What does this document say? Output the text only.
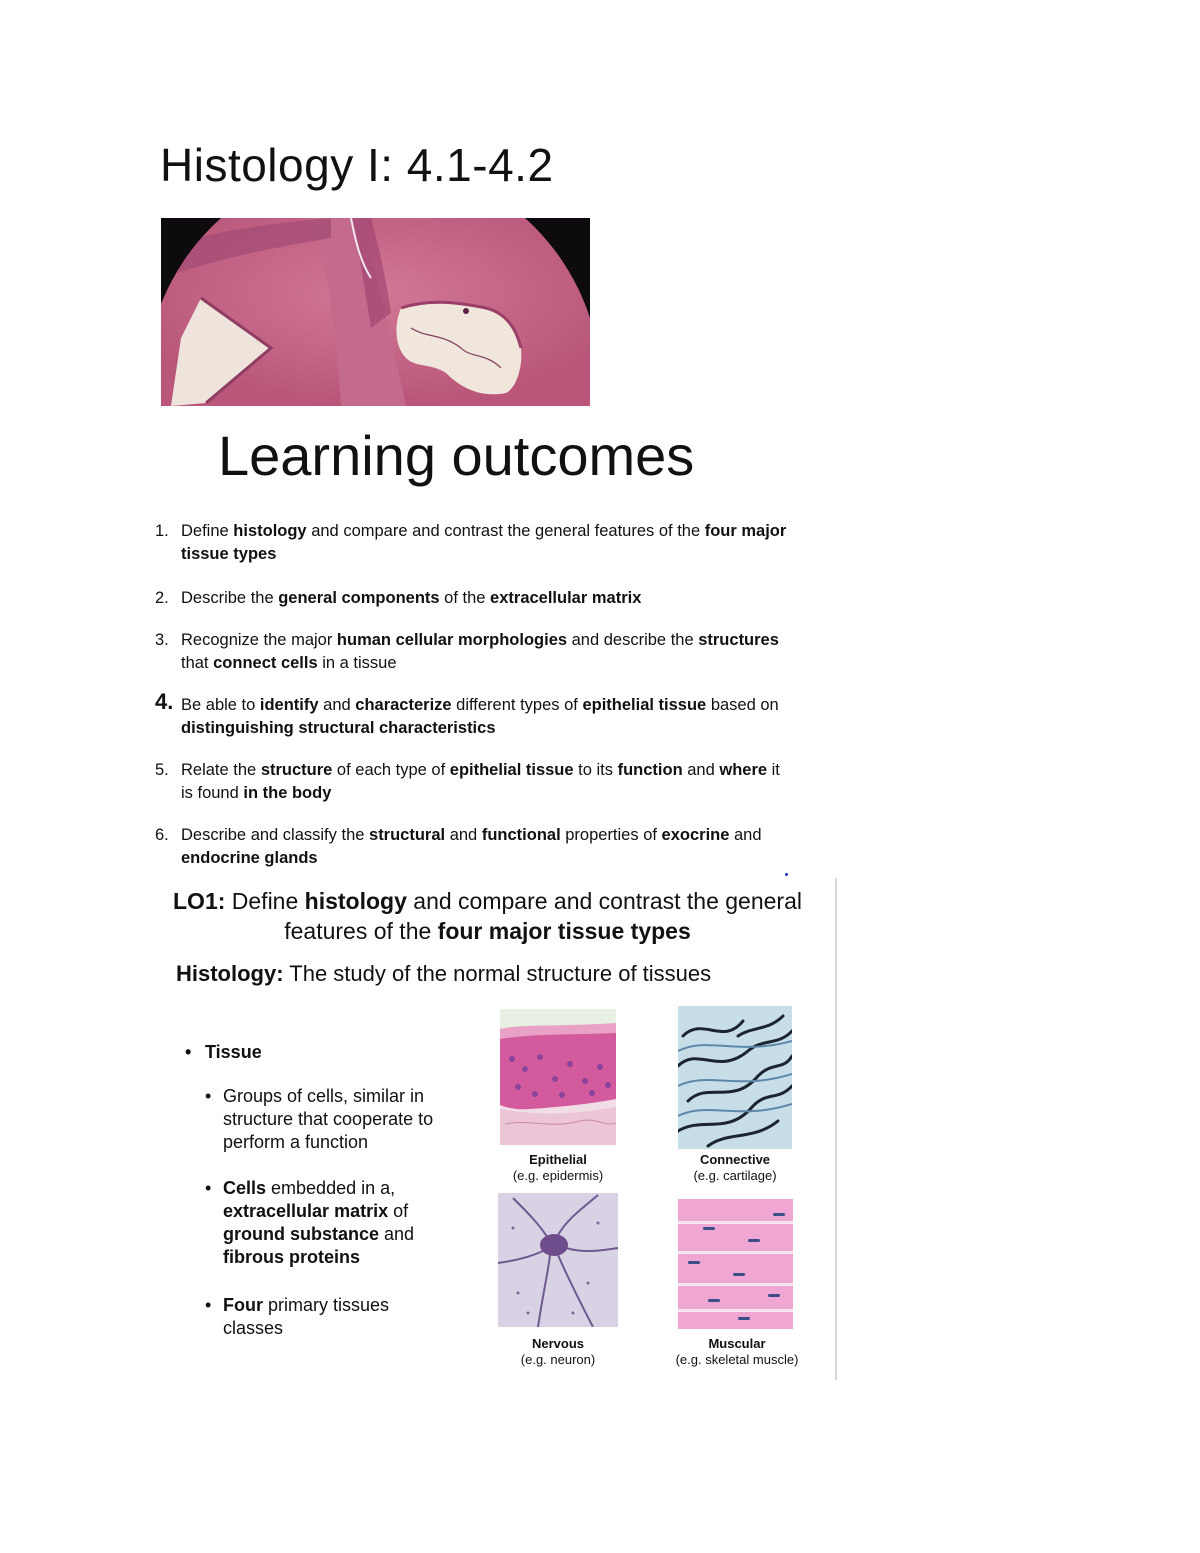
Histology I: 4.1-4.2
Learning outcomes
1. Define histology and compare and contrast the general features of the four major tissue types
2. Describe the general components of the extracellular matrix
3. Recognize the major human cellular morphologies and describe the structures that connect cells in a tissue
4. Be able to identify and characterize different types of epithelial tissue based on distinguishing structural characteristics
5. Relate the structure of each type of epithelial tissue to its function and where it is found in the body
6. Describe and classify the structural and functional properties of exocrine and endocrine glands
LO1: Define histology and compare and contrast the general features of the four major tissue types
Histology: The study of the normal structure of tissues
• Tissue
• Groups of cells, similar in structure that cooperate to perform a function
• Cells embedded in a, extracellular matrix of ground substance and fibrous proteins
• Four primary tissues classes
Epithelial
(e.g. epidermis)
Connective
(e.g. cartilage)
Nervous
(e.g. neuron)
Muscular
(e.g. skeletal muscle)
